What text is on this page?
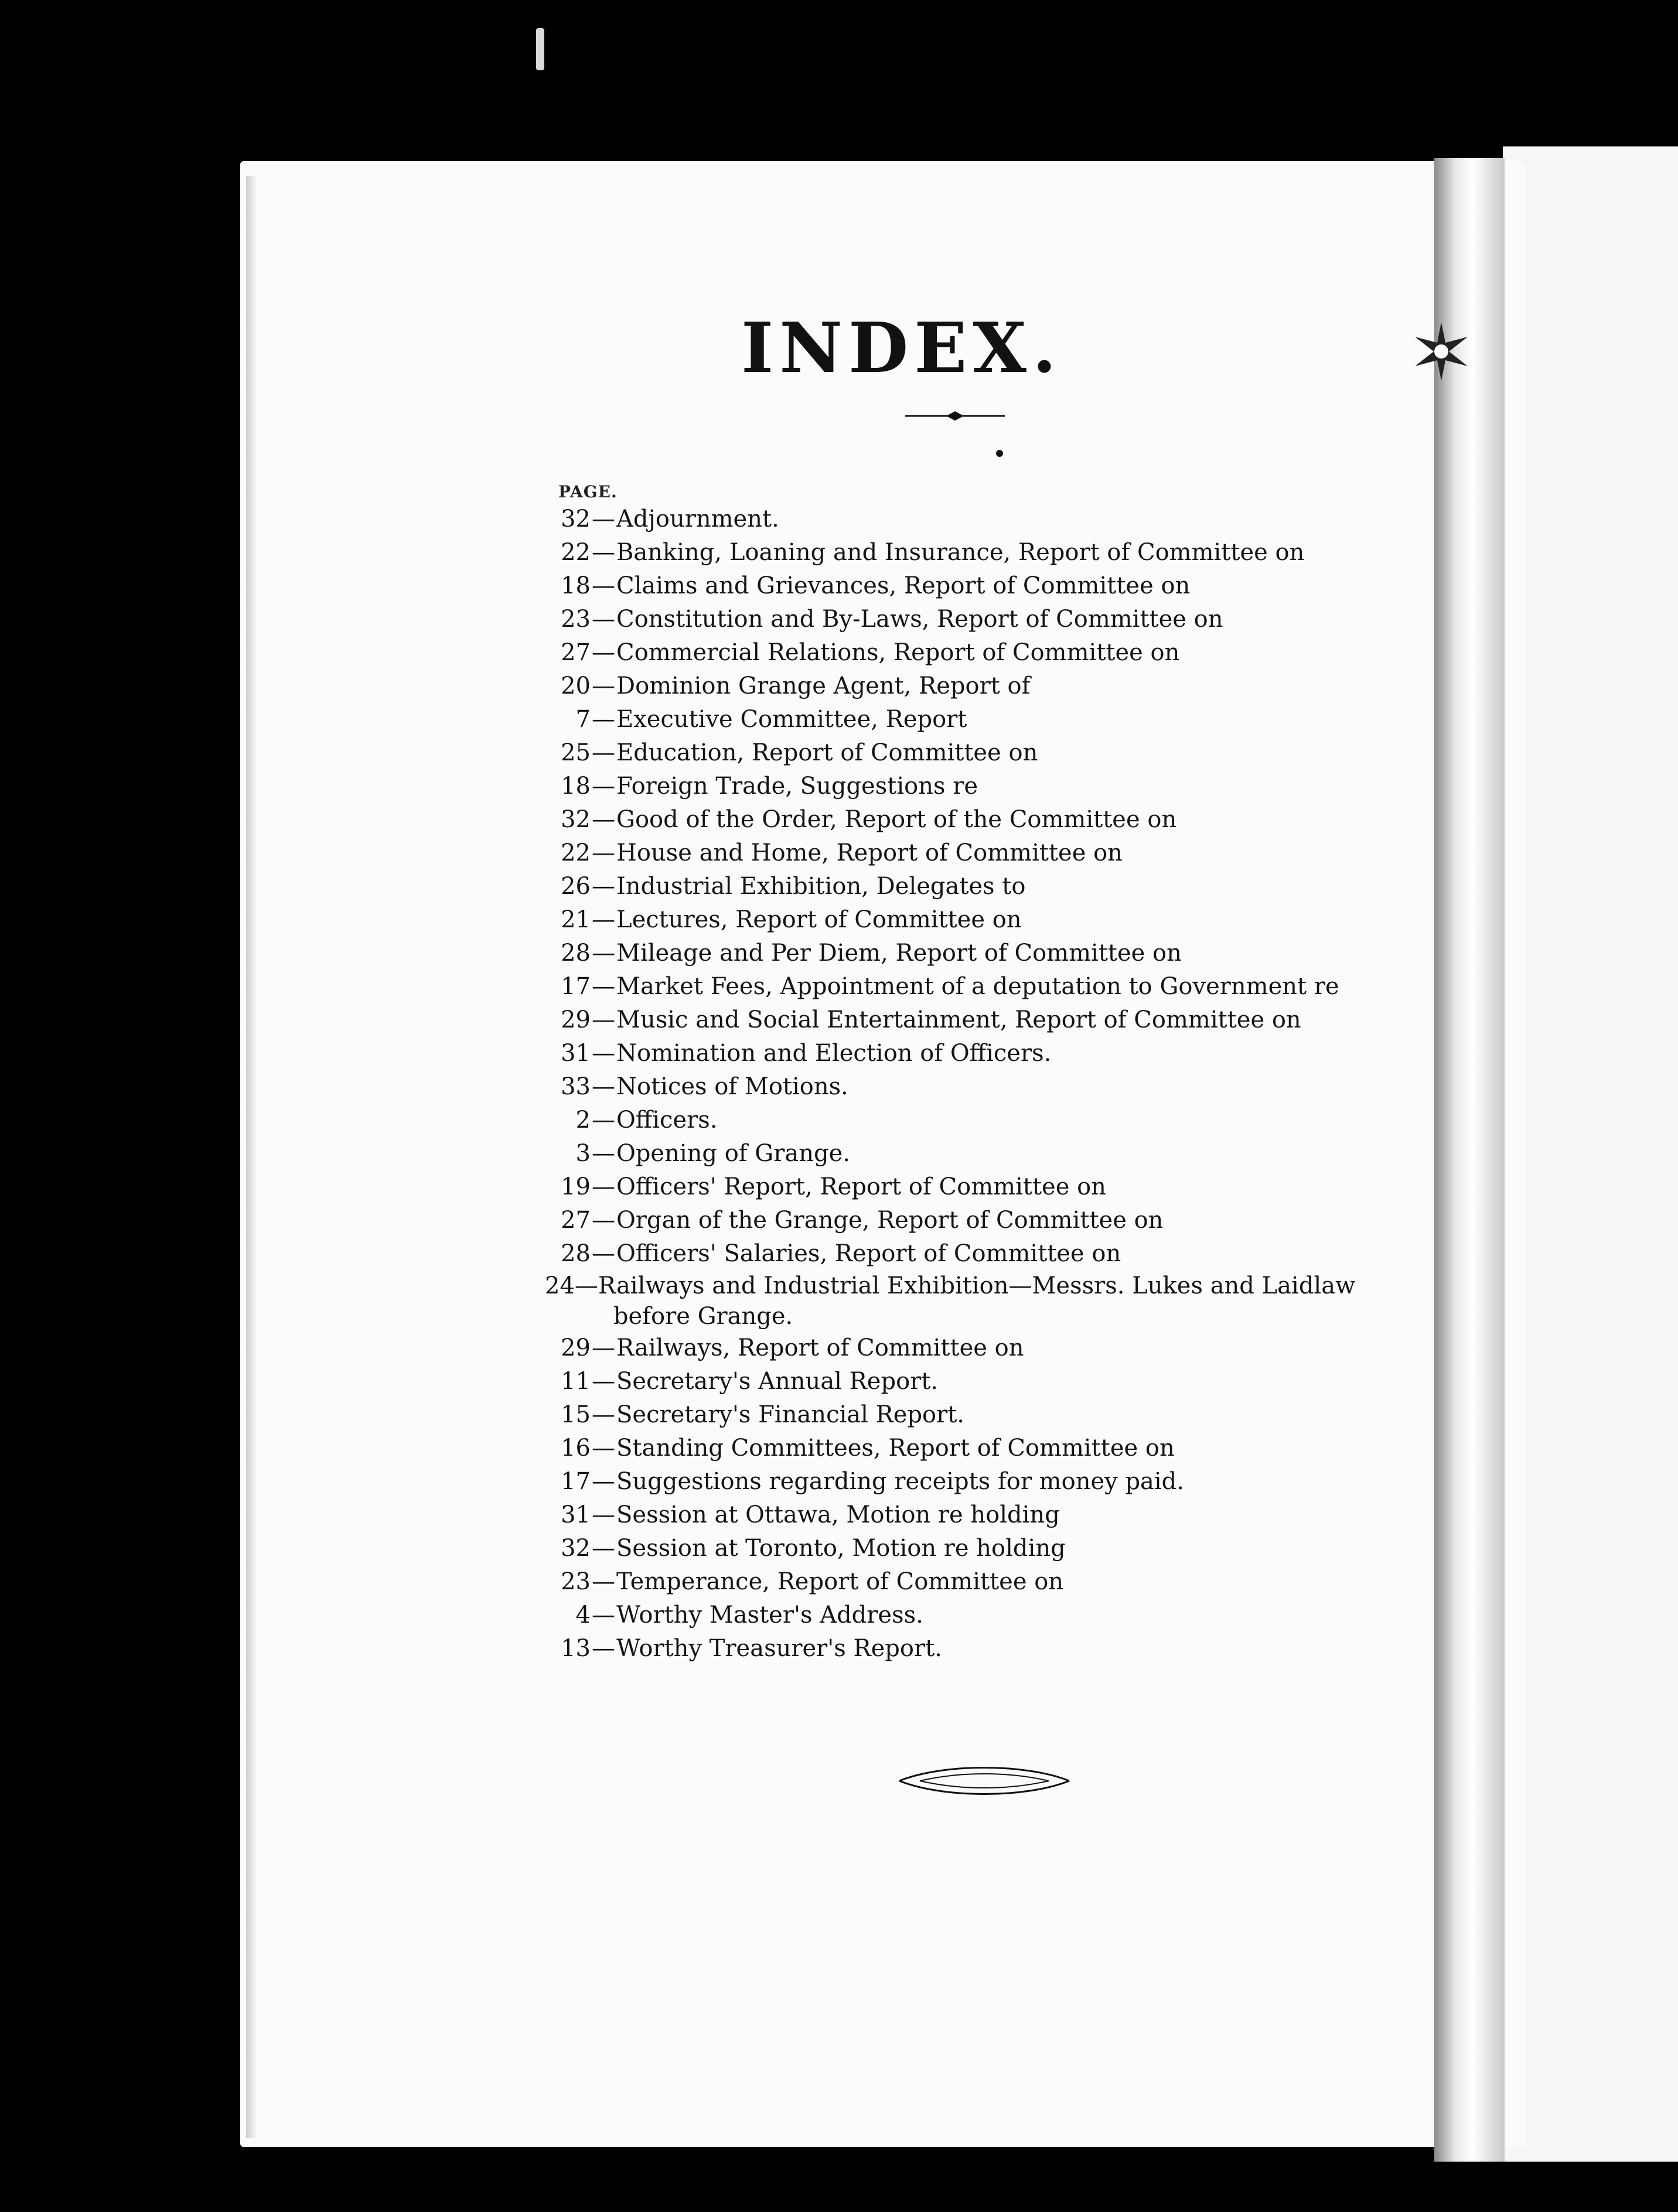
INDEX.
PAGE.
32 — Adjournment.
22 — Banking, Loaning and Insurance, Report of Committee on
18 — Claims and Grievances, Report of Committee on
23 — Constitution and By-Laws, Report of Committee on
27 — Commercial Relations, Report of Committee on
20 — Dominion Grange Agent, Report of
7 — Executive Committee, Report
25 — Education, Report of Committee on
18 — Foreign Trade, Suggestions re
32 — Good of the Order, Report of the Committee on
22 — House and Home, Report of Committee on
26 — Industrial Exhibition, Delegates to
21 — Lectures, Report of Committee on
28 — Mileage and Per Diem, Report of Committee on
17 — Market Fees, Appointment of a deputation to Government re
29 — Music and Social Entertainment, Report of Committee on
31 — Nomination and Election of Officers.
33 — Notices of Motions.
2 — Officers.
3 — Opening of Grange.
19 — Officers' Report, Report of Committee on
27 — Organ of the Grange, Report of Committee on
28 — Officers' Salaries, Report of Committee on
24 — Railways and Industrial Exhibition—Messrs. Lukes and Laidlaw
before Grange.
29 — Railways, Report of Committee on
11 — Secretary's Annual Report.
15 — Secretary's Financial Report.
16 — Standing Committees, Report of Committee on
17 — Suggestions regarding receipts for money paid.
31 — Session at Ottawa, Motion re holding
32 — Session at Toronto, Motion re holding
23 — Temperance, Report of Committee on
4 — Worthy Master's Address.
13 — Worthy Treasurer's Report.
